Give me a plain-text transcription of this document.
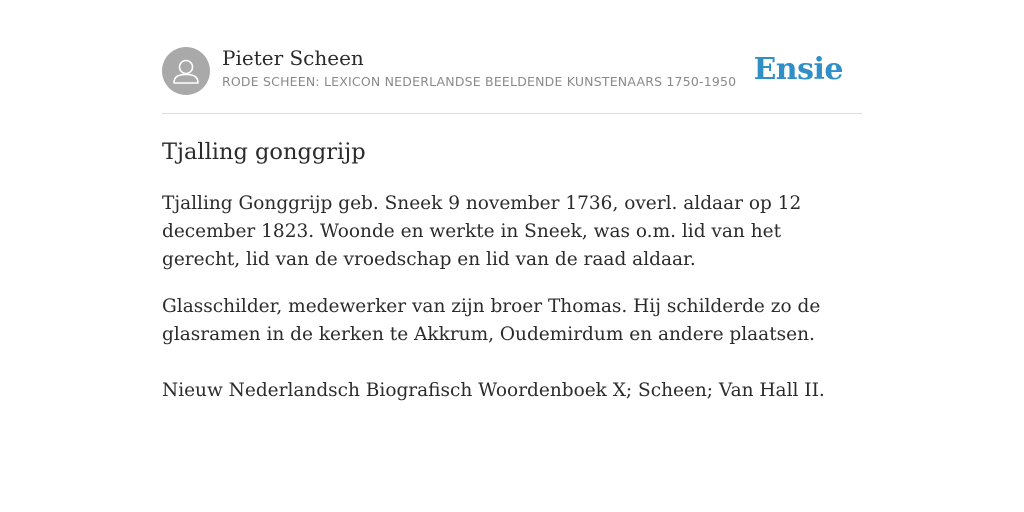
Pieter Scheen
RODE SCHEEN: LEXICON NEDERLANDSE BEELDENDE KUNSTENAARS 1750-1950 Ensie
Tjalling gonggrijp

Tjalling Gonggrijp geb. Sneek 9 november 1736, overl. aldaar op 12 december 1823. Woonde en werkte in Sneek, was o.m. lid van het gerecht, lid van de vroedschap en lid van de raad aldaar.

Glasschilder, medewerker van zijn broer Thomas. Hij schilderde zo de glasramen in de kerken te Akkrum, Oudemirdum en andere plaatsen.

Nieuw Nederlandsch Biografisch Woordenboek X; Scheen; Van Hall II.
